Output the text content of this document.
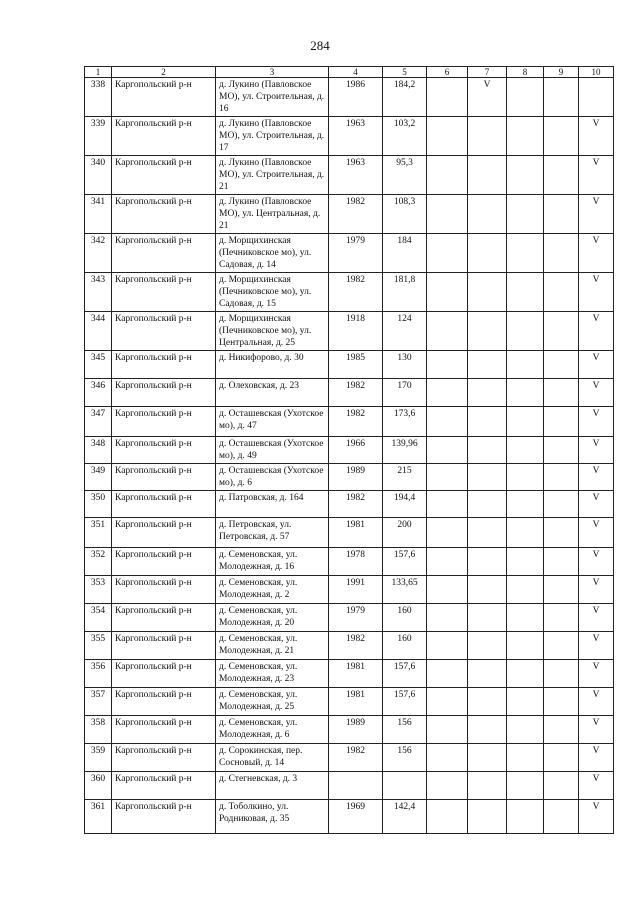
284
1	2	3	4	5	6	7	8	9	10
338	Каргопольский р-н	д. Лукино (Павловское МО), ул. Строительная, д. 16	1986	184,2		V			
339	Каргопольский р-н	д. Лукино (Павловское МО), ул. Строительная, д. 17	1963	103,2					V
340	Каргопольский р-н	д. Лукино (Павловское МО), ул. Строительная, д. 21	1963	95,3					V
341	Каргопольский р-н	д. Лукино (Павловское МО), ул. Центральная, д. 21	1982	108,3					V
342	Каргопольский р-н	д. Морщихинская (Печниковское мо), ул. Садовая, д. 14	1979	184					V
343	Каргопольский р-н	д. Морщихинская (Печниковское мо), ул. Садовая, д. 15	1982	181,8					V
344	Каргопольский р-н	д. Морщихинская (Печниковское мо), ул. Центральная, д. 25	1918	124					V
345	Каргопольский р-н	д. Никифорово, д. 30	1985	130					V
346	Каргопольский р-н	д. Олеховская, д. 23	1982	170					V
347	Каргопольский р-н	д. Осташевская (Ухотское мо), д. 47	1982	173,6					V
348	Каргопольский р-н	д. Осташевская (Ухотское мо), д. 49	1966	139,96					V
349	Каргопольский р-н	д. Осташевская (Ухотское мо), д. 6	1989	215					V
350	Каргопольский р-н	д. Патровская, д. 164	1982	194,4					V
351	Каргопольский р-н	д. Петровская, ул. Петровская, д. 57	1981	200					V
352	Каргопольский р-н	д. Семеновская, ул. Молодежная, д. 16	1978	157,6					V
353	Каргопольский р-н	д. Семеновская, ул. Молодежная, д. 2	1991	133,65					V
354	Каргопольский р-н	д. Семеновская, ул. Молодежная, д. 20	1979	160					V
355	Каргопольский р-н	д. Семеновская, ул. Молодежная, д. 21	1982	160					V
356	Каргопольский р-н	д. Семеновская, ул. Молодежная, д. 23	1981	157,6					V
357	Каргопольский р-н	д. Семеновская, ул. Молодежная, д. 25	1981	157,6					V
358	Каргопольский р-н	д. Семеновская, ул. Молодежная, д. 6	1989	156					V
359	Каргопольский р-н	д. Сорокинская, пер. Сосновый, д. 14	1982	156					V
360	Каргопольский р-н	д. Стегневская, д. 3							V
361	Каргопольский р-н	д. Тоболкино, ул. Родниковая, д. 35	1969	142,4					V
